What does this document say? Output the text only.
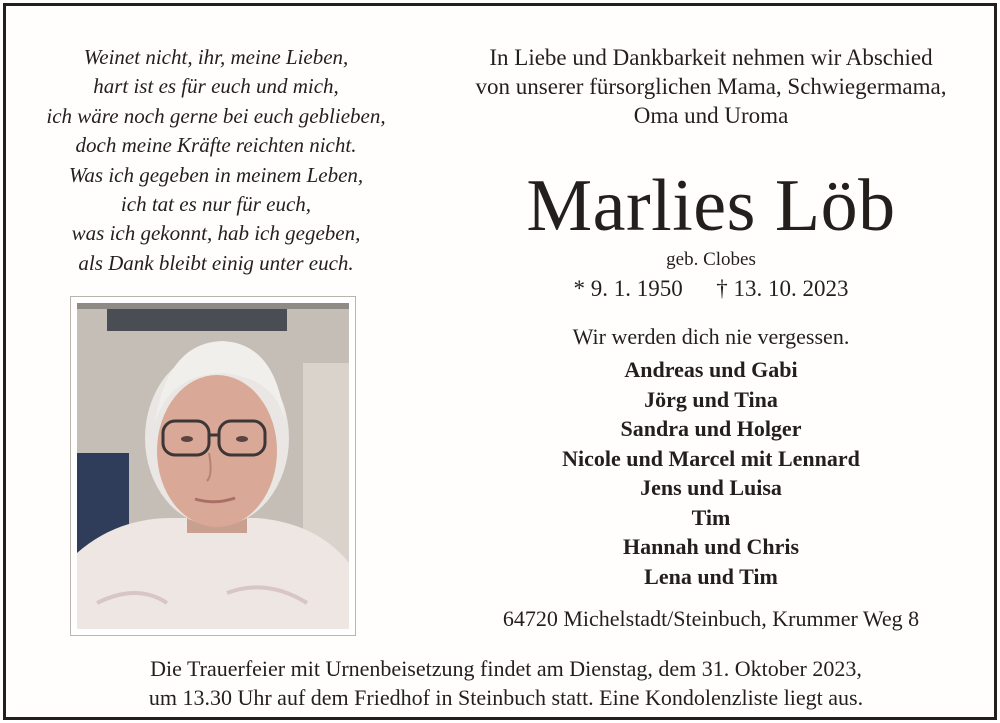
Weinet nicht, ihr, meine Lieben,
hart ist es für euch und mich,
ich wäre noch gerne bei euch geblieben,
doch meine Kräfte reichten nicht.
Was ich gegeben in meinem Leben,
ich tat es nur für euch,
was ich gekonnt, hab ich gegeben,
als Dank bleibt einig unter euch.
In Liebe und Dankbarkeit nehmen wir Abschied
von unserer fürsorglichen Mama, Schwiegermama,
Oma und Uroma
Marlies Löb
geb. Clobes
* 9. 1. 1950 † 13. 10. 2023
Wir werden dich nie vergessen.
Andreas und Gabi
Jörg und Tina
Sandra und Holger
Nicole und Marcel mit Lennard
Jens und Luisa
Tim
Hannah und Chris
Lena und Tim
64720 Michelstadt/Steinbuch, Krummer Weg 8
Die Trauerfeier mit Urnenbeisetzung findet am Dienstag, dem 31. Oktober 2023,
um 13.30 Uhr auf dem Friedhof in Steinbuch statt. Eine Kondolenzliste liegt aus.
